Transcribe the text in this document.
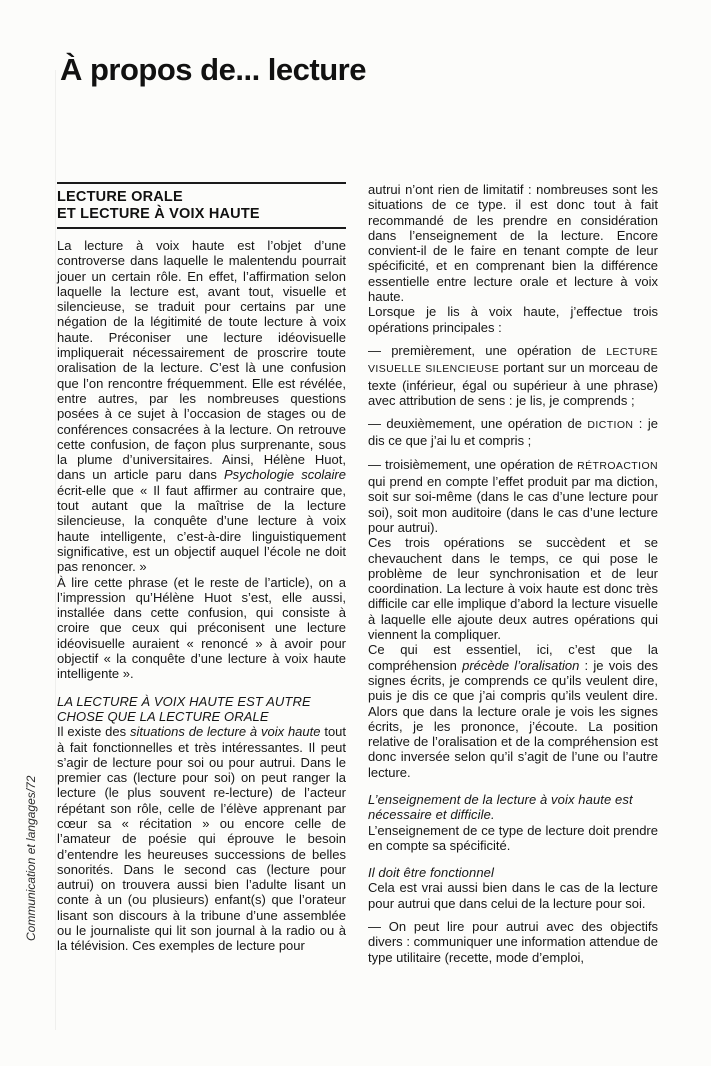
À propos de... lecture
Communication et langages/72
LECTURE ORALE
ET LECTURE À VOIX HAUTE

La lecture à voix haute est l’objet d’une controverse dans laquelle le malentendu pourrait jouer un certain rôle. En effet, l’affirmation selon laquelle la lecture est, avant tout, visuelle et silencieuse, se traduit pour certains par une négation de la légitimité de toute lecture à voix haute. Préconiser une lecture idéovisuelle impliquerait nécessairement de proscrire toute oralisation de la lecture. C’est là une confusion que l’on rencontre fréquemment. Elle est révélée, entre autres, par les nombreuses questions posées à ce sujet à l’occasion de stages ou de conférences consacrées à la lecture. On retrouve cette confusion, de façon plus surprenante, sous la plume d’universitaires. Ainsi, Hélène Huot, dans un article paru dans Psychologie scolaire écrit-elle que « Il faut affirmer au contraire que, tout autant que la maîtrise de la lecture silencieuse, la conquête d’une lecture à voix haute intelligente, c’est-à-dire linguistiquement significative, est un objectif auquel l’école ne doit pas renoncer. »

À lire cette phrase (et le reste de l’article), on a l’impression qu’Hélène Huot s’est, elle aussi, installée dans cette confusion, qui consiste à croire que ceux qui préconisent une lecture idéovisuelle auraient « renoncé » à avoir pour objectif « la conquête d’une lecture à voix haute intelligente ».

LA LECTURE À VOIX HAUTE EST AUTRE CHOSE QUE LA LECTURE ORALE

Il existe des situations de lecture à voix haute tout à fait fonctionnelles et très intéressantes. Il peut s’agir de lecture pour soi ou pour autrui. Dans le premier cas (lecture pour soi) on peut ranger la lecture (le plus souvent re-lecture) de l’acteur répétant son rôle, celle de l’élève apprenant par cœur sa « récitation » ou encore celle de l’amateur de poésie qui éprouve le besoin d’entendre les heureuses successions de belles sonorités. Dans le second cas (lecture pour autrui) on trouvera aussi bien l’adulte lisant un conte à un (ou plusieurs) enfant(s) que l’orateur lisant son discours à la tribune d’une assemblée ou le journaliste qui lit son journal à la radio ou à la télévision. Ces exemples de lecture pour

autrui n’ont rien de limitatif : nombreuses sont les situations de ce type. il est donc tout à fait recommandé de les prendre en considération dans l’enseignement de la lecture. Encore convient-il de le faire en tenant compte de leur spécificité, et en comprenant bien la différence essentielle entre lecture orale et lecture à voix haute.

Lorsque je lis à voix haute, j’effectue trois opérations principales :

— premièrement, une opération de LECTURE VISUELLE SILENCIEUSE portant sur un morceau de texte (inférieur, égal ou supérieur à une phrase) avec attribution de sens : je lis, je comprends ;

— deuxièmement, une opération de DICTION : je dis ce que j’ai lu et compris ;

— troisièmement, une opération de RÉTROACTION qui prend en compte l’effet produit par ma diction, soit sur soi-même (dans le cas d’une lecture pour soi), soit mon auditoire (dans le cas d’une lecture pour autrui).

Ces trois opérations se succèdent et se chevauchent dans le temps, ce qui pose le problème de leur synchronisation et de leur coordination. La lecture à voix haute est donc très difficile car elle implique d’abord la lecture visuelle à laquelle elle ajoute deux autres opérations qui viennent la compliquer.

Ce qui est essentiel, ici, c’est que la compréhension précède l’oralisation : je vois des signes écrits, je comprends ce qu’ils veulent dire, puis je dis ce que j’ai compris qu’ils veulent dire. Alors que dans la lecture orale je vois les signes écrits, je les prononce, j’écoute. La position relative de l’oralisation et de la compréhension est donc inversée selon qu’il s’agit de l’une ou l’autre lecture.

L’enseignement de la lecture à voix haute est nécessaire et difficile.

L’enseignement de ce type de lecture doit prendre en compte sa spécificité.

Il doit être fonctionnel

Cela est vrai aussi bien dans le cas de la lecture pour autrui que dans celui de la lecture pour soi.

— On peut lire pour autrui avec des objectifs divers : communiquer une information attendue de type utilitaire (recette, mode d’emploi,
